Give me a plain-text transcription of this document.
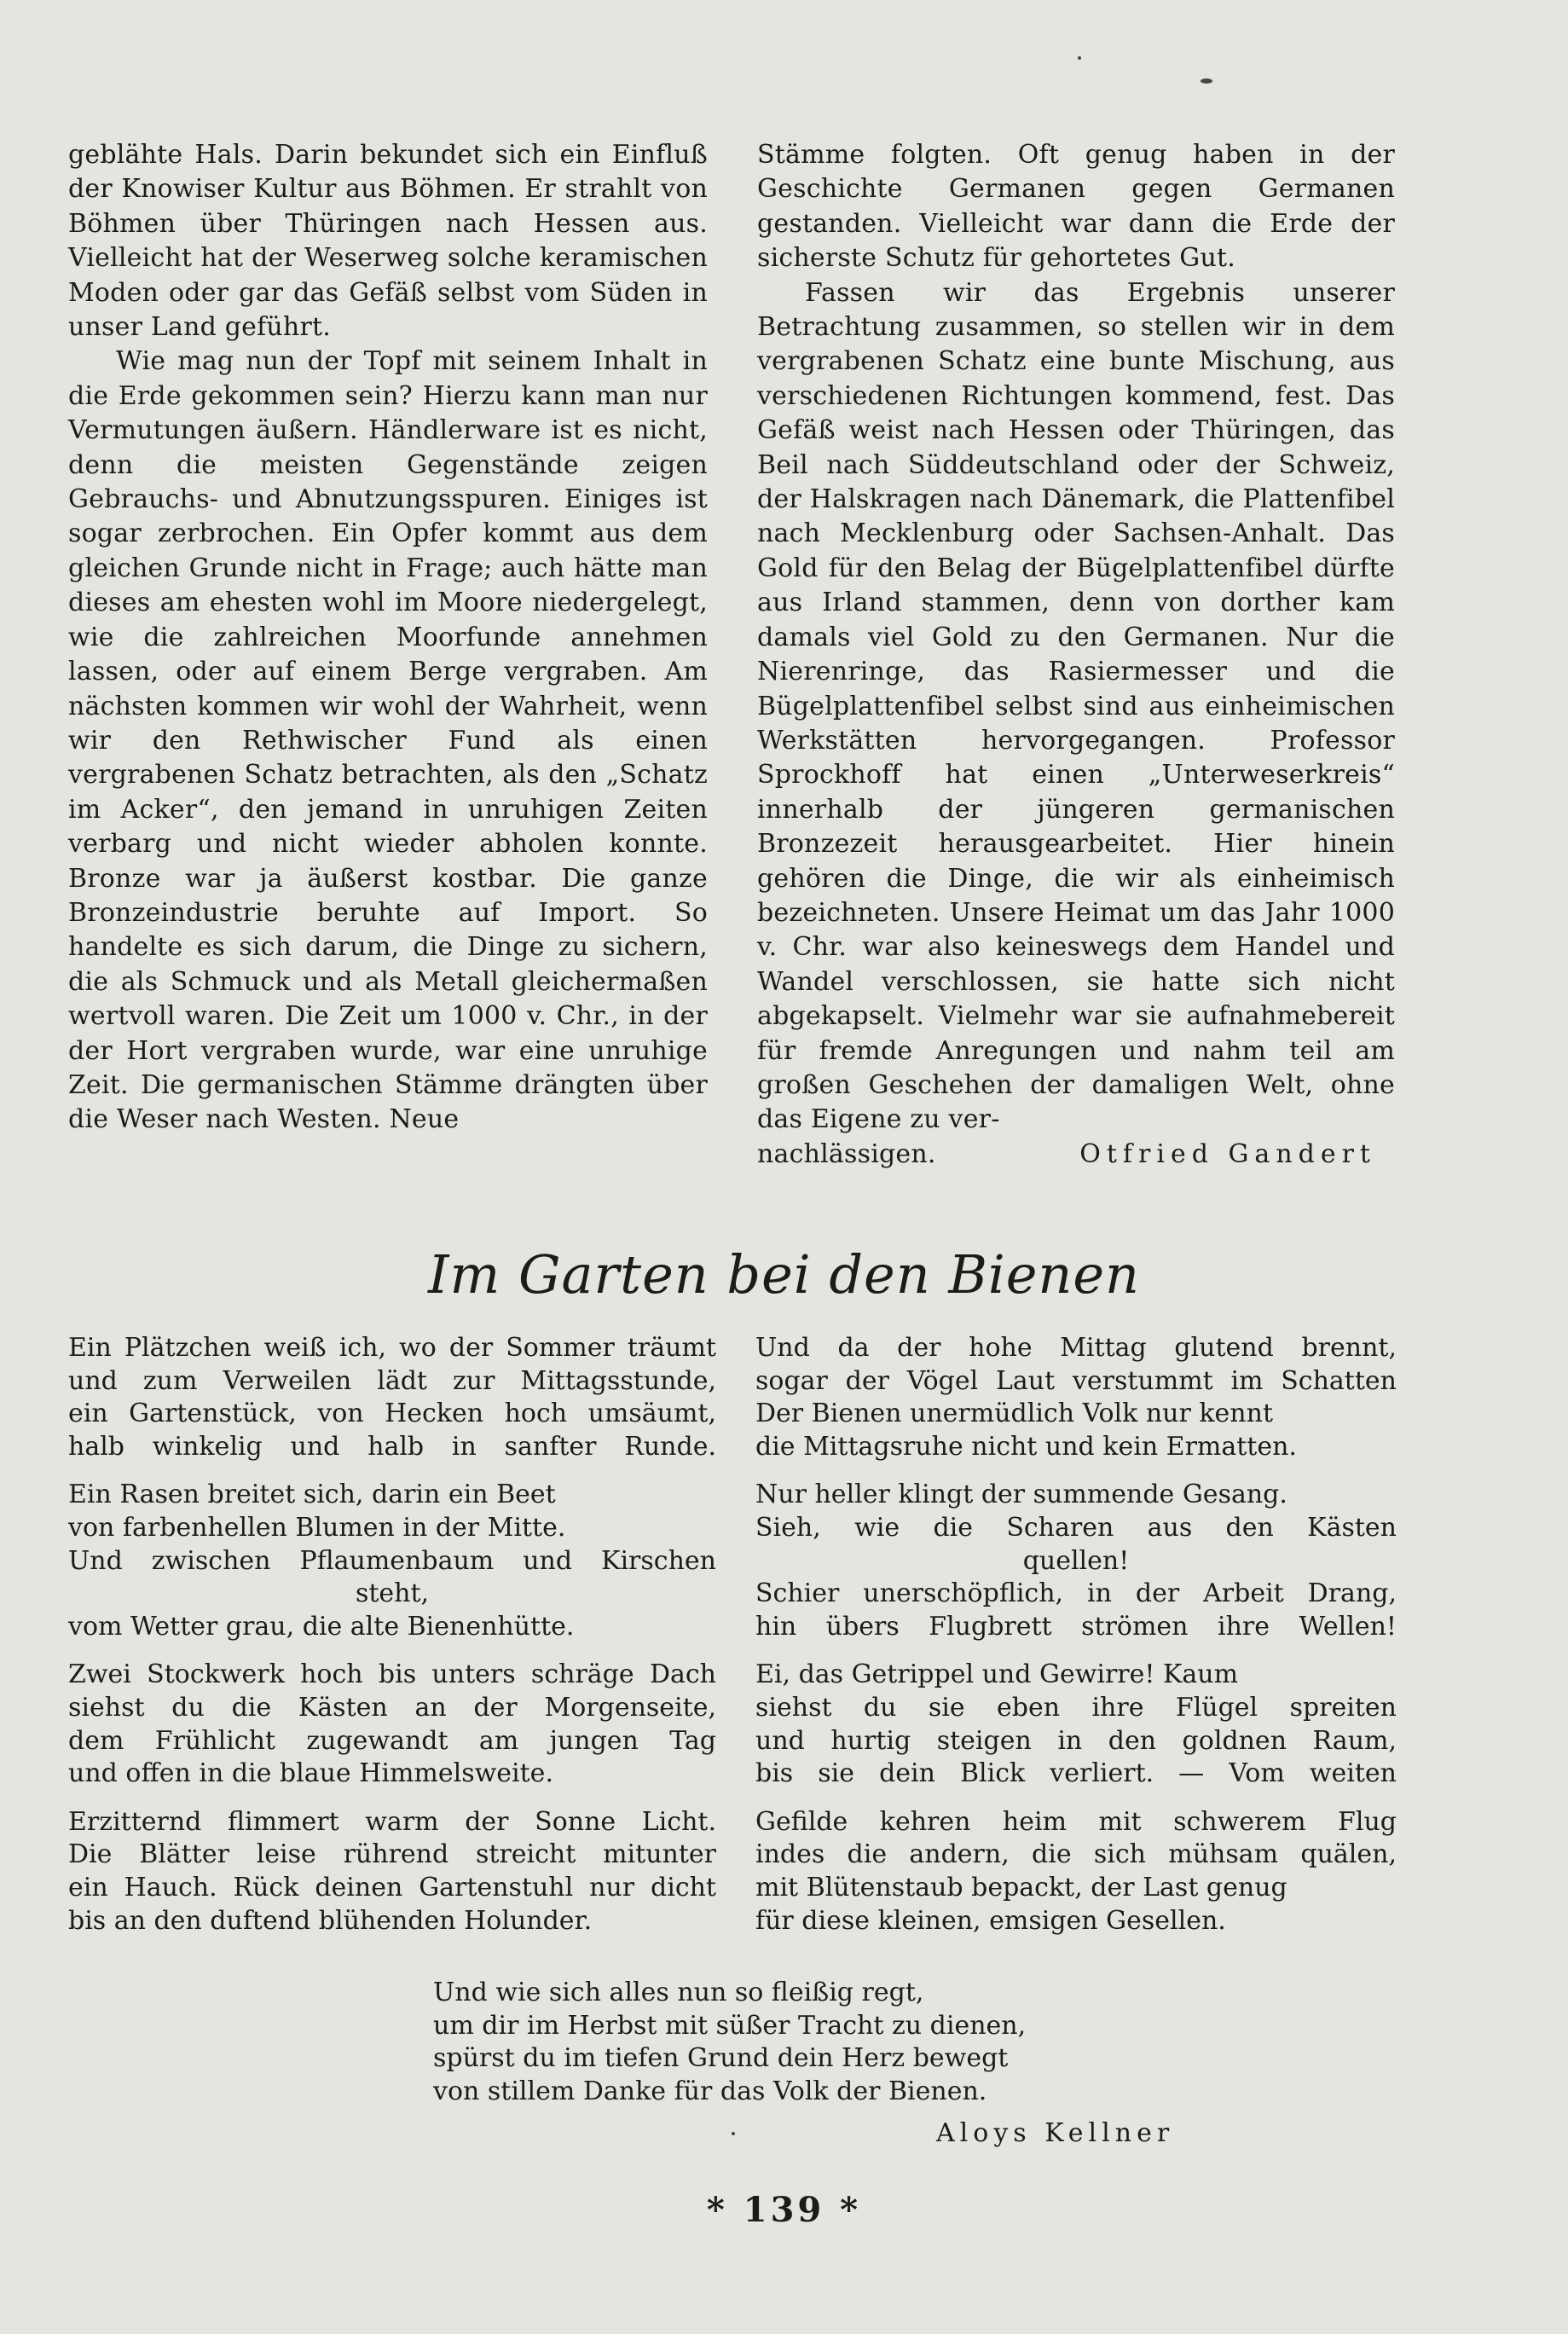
geblähte Hals. Darin bekundet sich ein Einfluß der Knowiser Kultur aus Böhmen. Er strahlt von Böhmen über Thüringen nach Hessen aus. Vielleicht hat der Weserweg solche keramischen Moden oder gar das Gefäß selbst vom Süden in unser Land geführt.

Wie mag nun der Topf mit seinem Inhalt in die Erde gekommen sein? Hierzu kann man nur Vermutungen äußern. Händlerware ist es nicht, denn die meisten Gegenstände zeigen Gebrauchs- und Abnutzungsspuren. Einiges ist sogar zerbrochen. Ein Opfer kommt aus dem gleichen Grunde nicht in Frage; auch hätte man dieses am ehesten wohl im Moore niedergelegt, wie die zahlreichen Moorfunde annehmen lassen, oder auf einem Berge vergraben. Am nächsten kommen wir wohl der Wahrheit, wenn wir den Rethwischer Fund als einen vergrabenen Schatz betrachten, als den „Schatz im Acker“, den jemand in unruhigen Zeiten verbarg und nicht wieder abholen konnte. Bronze war ja äußerst kostbar. Die ganze Bronzeindustrie beruhte auf Import. So handelte es sich darum, die Dinge zu sichern, die als Schmuck und als Metall gleichermaßen wertvoll waren. Die Zeit um 1000 v. Chr., in der der Hort vergraben wurde, war eine unruhige Zeit. Die germanischen Stämme drängten über die Weser nach Westen. Neue

Stämme folgten. Oft genug haben in der Geschichte Germanen gegen Germanen gestanden. Vielleicht war dann die Erde der sicherste Schutz für gehortetes Gut.

Fassen wir das Ergebnis unserer Betrachtung zusammen, so stellen wir in dem vergrabenen Schatz eine bunte Mischung, aus verschiedenen Richtungen kommend, fest. Das Gefäß weist nach Hessen oder Thüringen, das Beil nach Süddeutschland oder der Schweiz, der Halskragen nach Dänemark, die Plattenfibel nach Mecklenburg oder Sachsen-Anhalt. Das Gold für den Belag der Bügelplattenfibel dürfte aus Irland stammen, denn von dorther kam damals viel Gold zu den Germanen. Nur die Nierenringe, das Rasiermesser und die Bügelplattenfibel selbst sind aus einheimischen Werkstätten hervorgegangen. Professor Sprockhoff hat einen „Unterweserkreis“ innerhalb der jüngeren germanischen Bronzezeit herausgearbeitet. Hier hinein gehören die Dinge, die wir als einheimisch bezeichneten. Unsere Heimat um das Jahr 1000 v. Chr. war also keineswegs dem Handel und Wandel verschlossen, sie hatte sich nicht abgekapselt. Vielmehr war sie aufnahmebereit für fremde Anregungen und nahm teil am großen Geschehen der damaligen Welt, ohne das Eigene zu ver-

nachlässigen.	Otfried Gandert
Im Garten bei den Bienen
Ein Plätzchen weiß ich, wo der Sommer träumt
und zum Verweilen lädt zur Mittagsstunde,
ein Gartenstück, von Hecken hoch umsäumt,
halb winkelig und halb in sanfter Runde.
Ein Rasen breitet sich, darin ein Beet
von farbenhellen Blumen in der Mitte.
Und zwischen Pflaumenbaum und Kirschen
steht,
vom Wetter grau, die alte Bienenhütte.
Zwei Stockwerk hoch bis unters schräge Dach
siehst du die Kästen an der Morgenseite,
dem Frühlicht zugewandt am jungen Tag
und offen in die blaue Himmelsweite.
Erzitternd flimmert warm der Sonne Licht.
Die Blätter leise rührend streicht mitunter
ein Hauch. Rück deinen Gartenstuhl nur dicht
bis an den duftend blühenden Holunder.
Und da der hohe Mittag glutend brennt,
sogar der Vögel Laut verstummt im Schatten
Der Bienen unermüdlich Volk nur kennt
die Mittagsruhe nicht und kein Ermatten.
Nur heller klingt der summende Gesang.
Sieh, wie die Scharen aus den Kästen
quellen!
Schier unerschöpflich, in der Arbeit Drang,
hin übers Flugbrett strömen ihre Wellen!
Ei, das Getrippel und Gewirre! Kaum
siehst du sie eben ihre Flügel spreiten
und hurtig steigen in den goldnen Raum,
bis sie dein Blick verliert. — Vom weiten
Gefilde kehren heim mit schwerem Flug
indes die andern, die sich mühsam quälen,
mit Blütenstaub bepackt, der Last genug
für diese kleinen, emsigen Gesellen.
Und wie sich alles nun so fleißig regt,
um dir im Herbst mit süßer Tracht zu dienen,
spürst du im tiefen Grund dein Herz bewegt
von stillem Danke für das Volk der Bienen.
Aloys Kellner
* 139 *
